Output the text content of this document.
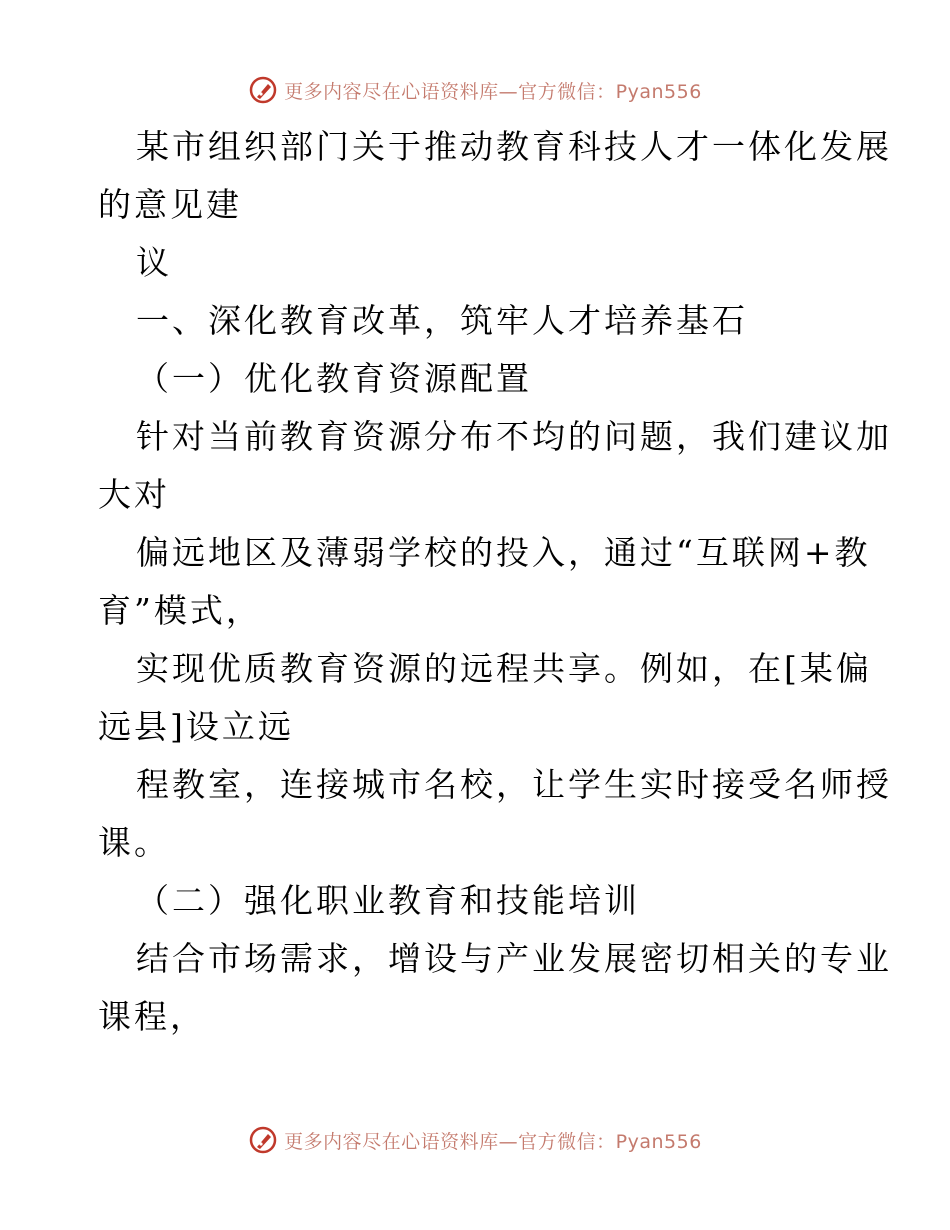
更多内容尽在心语资料库—官方微信：Pyan556
某市组织部门关于推动教育科技人才一体化发展
的意见建
议
一、深化教育改革，筑牢人才培养基石
（一）优化教育资源配置
针对当前教育资源分布不均的问题，我们建议加
大对
偏远地区及薄弱学校的投入，通过“互联网+教
育”模式，
实现优质教育资源的远程共享。例如，在[某偏
远县]设立远
程教室，连接城市名校，让学生实时接受名师授
课。
（二）强化职业教育和技能培训
结合市场需求，增设与产业发展密切相关的专业
课程，
更多内容尽在心语资料库—官方微信：Pyan556
